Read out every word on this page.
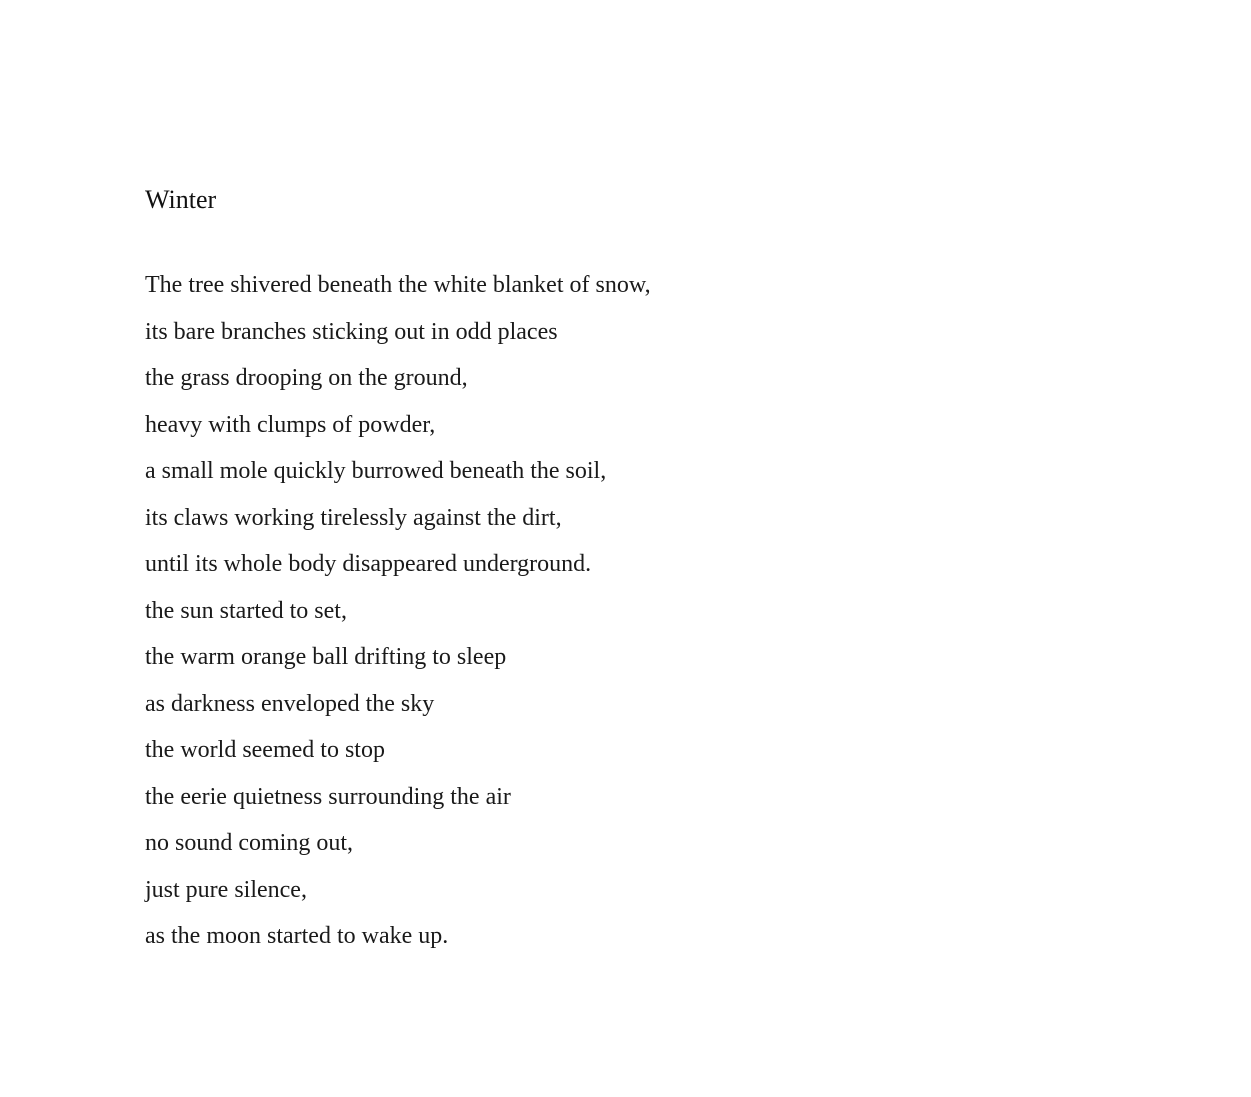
Winter
The tree shivered beneath the white blanket of snow,
its bare branches sticking out in odd places
the grass drooping on the ground,
heavy with clumps of powder,
a small mole quickly burrowed beneath the soil,
its claws working tirelessly against the dirt,
until its whole body disappeared underground.
the sun started to set,
the warm orange ball drifting to sleep
as darkness enveloped the sky
the world seemed to stop
the eerie quietness surrounding the air
no sound coming out,
just pure silence,
as the moon started to wake up.
